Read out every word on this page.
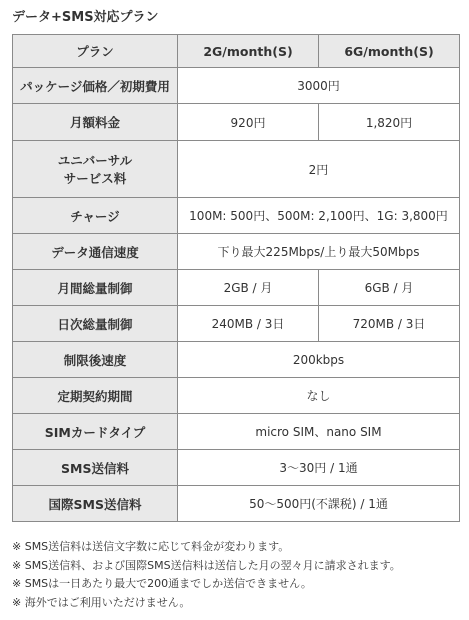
データ+SMS対応プラン
プラン	2G/month(S)	6G/month(S)
パッケージ価格／初期費用	3000円	
月額料金	920円	1,820円

ユニバーサル
サービス料	2円	
チャージ	100M: 500円、500M: 2,100円、1G: 3,800円	
データ通信速度	下り最大225Mbps/上り最大50Mbps	
月間総量制御	2GB / 月	6GB / 月
日次総量制御	240MB / 3日	720MB / 3日
制限後速度	200kbps	
定期契約期間	なし	
SIMカードタイプ	micro SIM、nano SIM	
SMS送信料	3～30円 / 1通	
国際SMS送信料	50～500円(不課税) / 1通	
※ SMS送信料は送信文字数に応じて料金が変わります。
※ SMS送信料、および国際SMS送信料は送信した月の翌々月に請求されます。
※ SMSは一日あたり最大で200通までしか送信できません。
※ 海外ではご利用いただけません。
